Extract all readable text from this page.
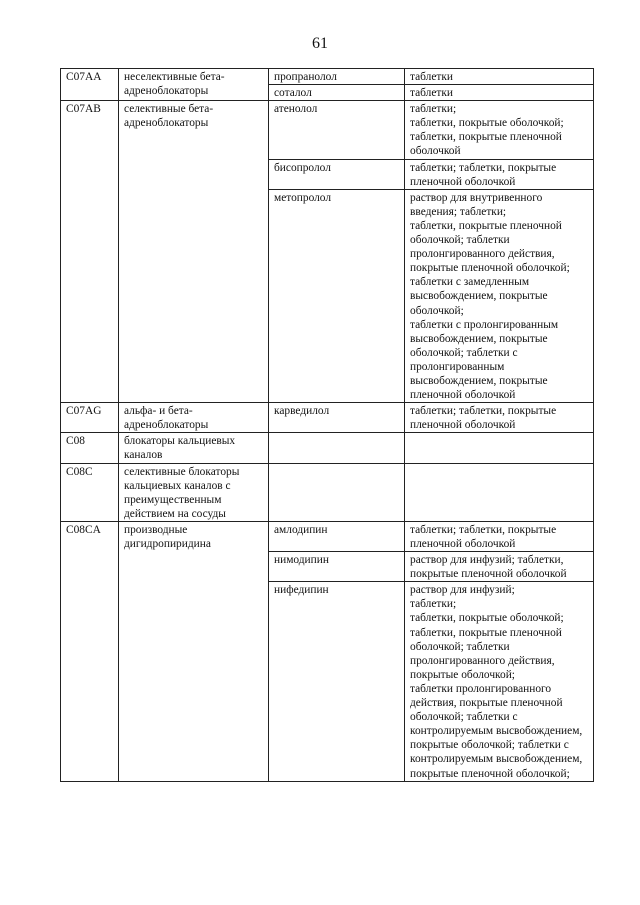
61
C07AA	неселективные бета-адреноблокаторы	пропранолол	таблетки

		соталол	таблетки

C07AB	селективные бета-адреноблокаторы	атенолол	таблетки;
таблетки, покрытые оболочкой;
таблетки, покрытые пленочной оболочкой

		бисопролол	таблетки; таблетки, покрытые пленочной оболочкой

		метопролол	раствор для внутривенного введения; таблетки;
таблетки, покрытые пленочной оболочкой; таблетки пролонгированного действия, покрытые пленочной оболочкой; таблетки с замедленным высвобождением, покрытые оболочкой;
таблетки с пролонгированным высвобождением, покрытые оболочкой; таблетки с пролонгированным высвобождением, покрытые пленочной оболочкой

C07AG	альфа- и бета-адреноблокаторы	карведилол	таблетки; таблетки, покрытые пленочной оболочкой

C08	блокаторы кальциевых каналов		
C08C	селективные блокаторы кальциевых каналов с преимущественным действием на сосуды		
C08CA	производные дигидропиридина	амлодипин	таблетки; таблетки, покрытые пленочной оболочкой

		нимодипин	раствор для инфузий; таблетки, покрытые пленочной оболочкой

		нифедипин	раствор для инфузий;
таблетки;
таблетки, покрытые оболочкой;
таблетки, покрытые пленочной оболочкой; таблетки пролонгированного действия, покрытые оболочкой;
таблетки пролонгированного действия, покрытые пленочной оболочкой; таблетки с контролируемым высвобождением, покрытые оболочкой; таблетки с контролируемым высвобождением, покрытые пленочной оболочкой;
